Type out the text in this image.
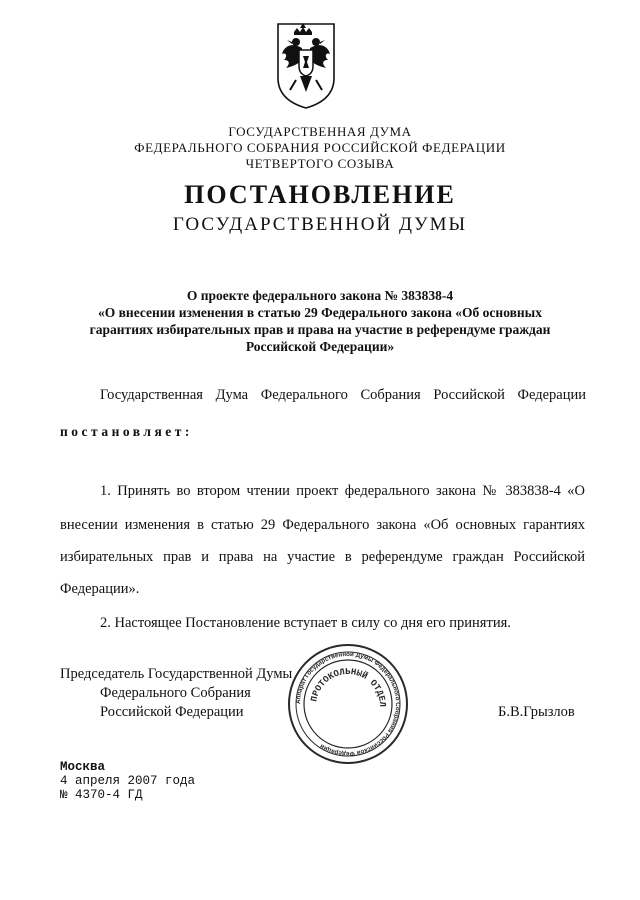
ГОСУДАРСТВЕННАЯ ДУМА
ФЕДЕРАЛЬНОГО СОБРАНИЯ РОССИЙСКОЙ ФЕДЕРАЦИИ
ЧЕТВЕРТОГО СОЗЫВА
ПОСТАНОВЛЕНИЕ
ГОСУДАРСТВЕННОЙ ДУМЫ
О проекте федерального закона № 383838-4
«О внесении изменения в статью 29 Федерального закона «Об основных
гарантиях избирательных прав и права на участие в референдуме граждан
Российской Федерации»
Государственная Дума Федерального Собрания Российской Федерации
постановляет:
1. Принять во втором чтении проект федерального закона № 383838-4 «О
внесении изменения в статью 29 Федерального закона «Об основных гарантиях
избирательных прав и права на участие в референдуме граждан Российской
Федерации».
2. Настоящее Постановление вступает в силу со дня его принятия.
Председатель Государственной Думы
Федерального Собрания
Российской Федерации	Б.В.Грызлов
Аппарат Государственной Думы Федерального Собрания Российской Федерации
ПРОТОКОЛЬНЫЙ ОТДЕЛ
Москва
4 апреля 2007 года
№ 4370-4 ГД
